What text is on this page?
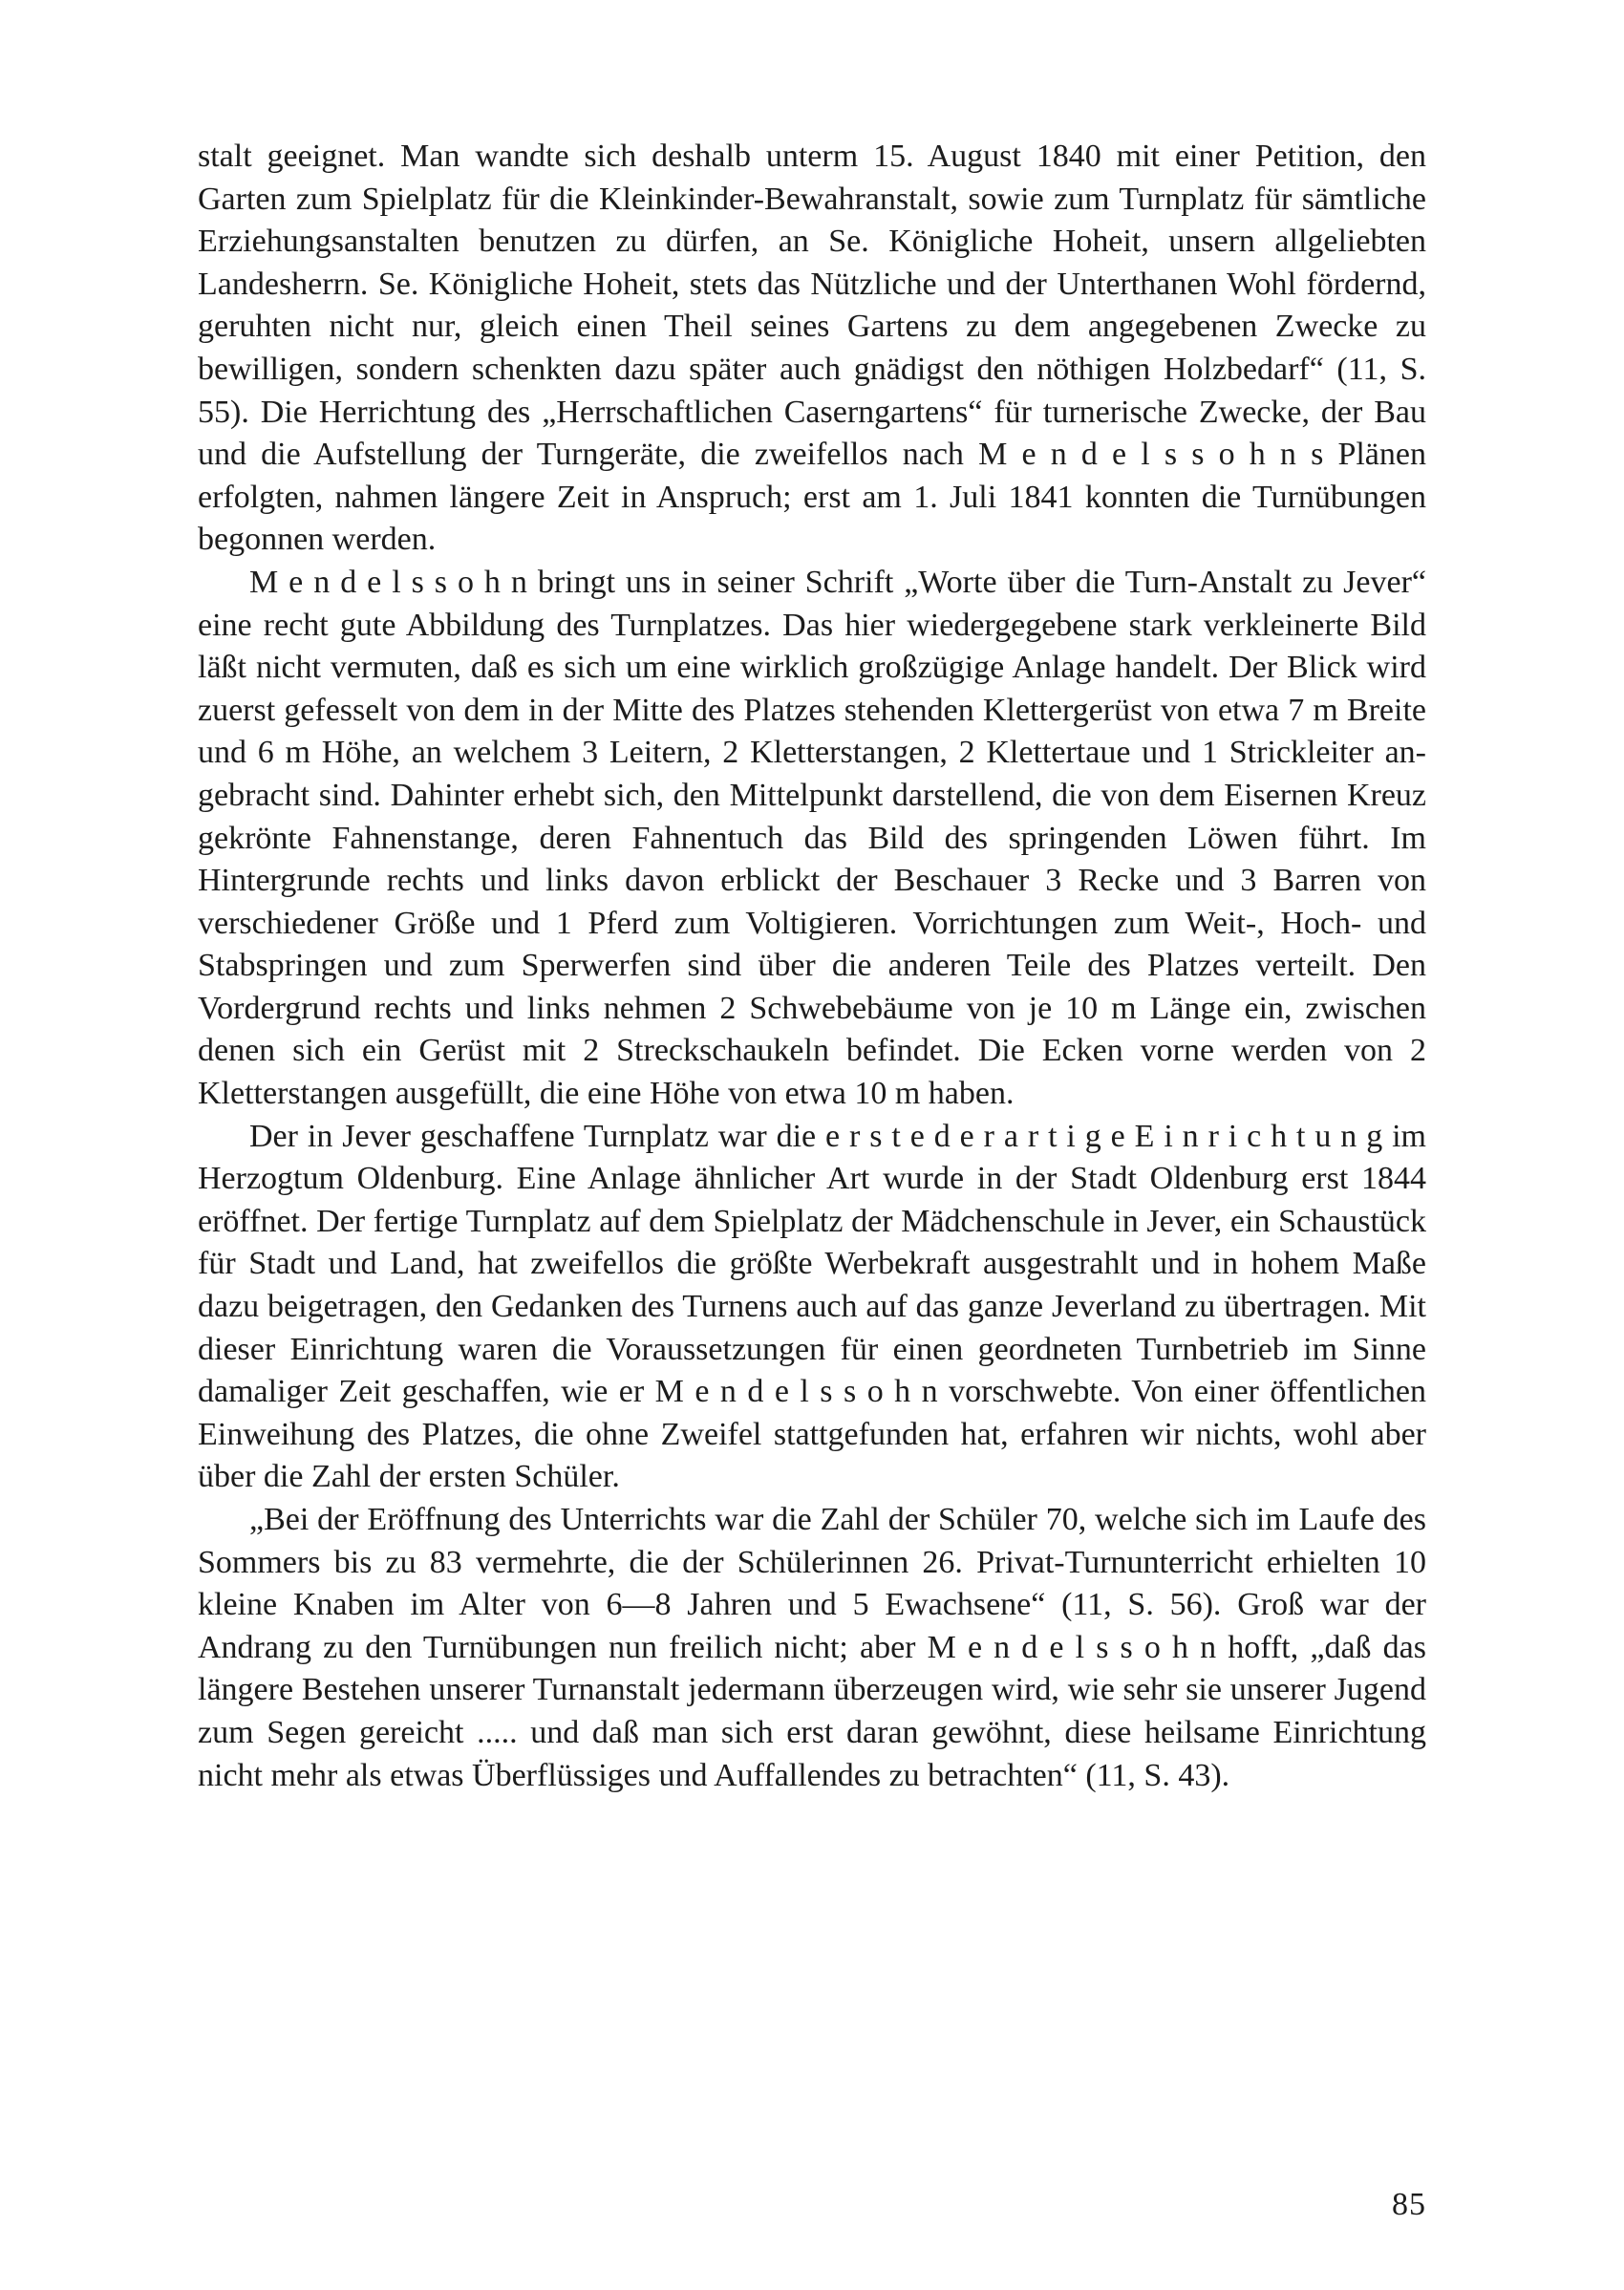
stalt geeignet. Man wandte sich deshalb unterm 15. August 1840 mit einer Petition, den Garten zum Spielplatz für die Kleinkinder-Bewahranstalt, sowie zum Turnplatz für sämtliche Erziehungsanstalten benutzen zu dürfen, an Se. Königliche Hoheit, unsern allgeliebten Landesherrn. Se. Königliche Hoheit, stets das Nützliche und der Unterthanen Wohl fördernd, geruhten nicht nur, gleich einen Theil seines Gartens zu dem angegebenen Zwecke zu bewilligen, sondern schenkten dazu später auch gnädigst den nöthigen Holzbedarf“ (11, S. 55). Die Herrichtung des „Herrschaftlichen Caserngartens“ für turnerische Zwecke, der Bau und die Aufstellung der Turngeräte, die zweifellos nach M e n d e l s s o h n s Plänen erfolgten, nahmen längere Zeit in Anspruch; erst am 1. Juli 1841 konnten die Turnübungen begonnen werden.

M e n d e l s s o h n bringt uns in seiner Schrift „Worte über die Turn-Anstalt zu Jever“ eine recht gute Abbildung des Turnplatzes. Das hier wiedergegebene stark verkleinerte Bild läßt nicht vermuten, daß es sich um eine wirklich großzügige Anlage handelt. Der Blick wird zuerst gefesselt von dem in der Mitte des Platzes stehenden Klettergerüst von etwa 7 m Breite und 6 m Höhe, an welchem 3 Leitern, 2 Kletterstangen, 2 Klettertaue und 1 Strickleiter angebracht sind. Dahinter erhebt sich, den Mittelpunkt darstellend, die von dem Eisernen Kreuz gekrönte Fahnenstange, deren Fahnentuch das Bild des springenden Löwen führt. Im Hintergrunde rechts und links davon erblickt der Beschauer 3 Recke und 3 Barren von verschiedener Größe und 1 Pferd zum Voltigieren. Vorrichtungen zum Weit-, Hoch- und Stabspringen und zum Sperwerfen sind über die anderen Teile des Platzes verteilt. Den Vordergrund rechts und links nehmen 2 Schwebebäume von je 10 m Länge ein, zwischen denen sich ein Gerüst mit 2 Streckschaukeln befindet. Die Ecken vorne werden von 2 Kletterstangen ausgefüllt, die eine Höhe von etwa 10 m haben.

Der in Jever geschaffene Turnplatz war die e r s t e d e r a r t i g e E i n r i c h t u n g im Herzogtum Oldenburg. Eine Anlage ähnlicher Art wurde in der Stadt Oldenburg erst 1844 eröffnet. Der fertige Turnplatz auf dem Spielplatz der Mädchenschule in Jever, ein Schaustück für Stadt und Land, hat zweifellos die größte Werbekraft ausgestrahlt und in hohem Maße dazu beigetragen, den Gedanken des Turnens auch auf das ganze Jeverland zu übertragen. Mit dieser Einrichtung waren die Voraussetzungen für einen geordneten Turnbetrieb im Sinne damaliger Zeit geschaffen, wie er M e n d e l s s o h n vorschwebte. Von einer öffentlichen Einweihung des Platzes, die ohne Zweifel stattgefunden hat, erfahren wir nichts, wohl aber über die Zahl der ersten Schüler.

„Bei der Eröffnung des Unterrichts war die Zahl der Schüler 70, welche sich im Laufe des Sommers bis zu 83 vermehrte, die der Schülerinnen 26. Privat-Turnunterricht erhielten 10 kleine Knaben im Alter von 6—8 Jahren und 5 Ewachsene“ (11, S. 56). Groß war der Andrang zu den Turnübungen nun freilich nicht; aber M e n d e l s s o h n hofft, „daß das längere Bestehen unserer Turnanstalt jedermann überzeugen wird, wie sehr sie unserer Jugend zum Segen gereicht ..... und daß man sich erst daran gewöhnt, diese heilsame Einrichtung nicht mehr als etwas Überflüssiges und Auffallendes zu betrachten“ (11, S. 43).

85
